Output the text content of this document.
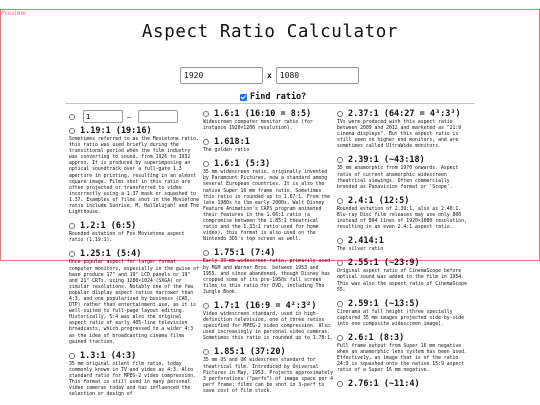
Preview
Aspect Ratio Calculator
1920
x
1080
Find ratio?
1
–
1.19:1 (19:16)
Sometimes referred to as the Movietone ratio, this ratio was used briefly during the transitional period when the film industry was converting to sound, from 1926 to 1932 approx. It is produced by superimposing an optical soundtrack over a full-gate 1.3 aperture in printing, resulting in an almost square image. Films shot in this ratio are often projected or transferred to video incorrectly using a 1.37 mask or squashed to 1.37. Examples of films shot in the Movietone ratio include Sunrise, M, Hallelujah! and The Lighthouse.
1.2:1 (6:5)
Rounded estation of Fox Movietone aspect ratio (1.19:1).
1.25:1 (5:4)
Once-popular aspect for larger format computer monitors, especially in the guise of base produce 17" and 19" LCD panels or 19" and 21" CRTs, using 1280×1024 (SXGA) or similar resolutions. Notably one of the few popular display aspect ratios narrower than 4:3, and one popularized by business (CAD, DTP) rather than entertainment use, as it is well-suited to full-page layout editing. Historically, 5:4 was also the original aspect ratio of early 405-line television broadcasts, which progressed to a wider 4:3 as the idea of broadcasting cinema films gained traction.
1.3:1 (4:3)
35 mm original silent film ratio, today commonly known in TV and video as 4:3. Also standard ratio for MPEG-2 video compression. This format is still used in many personal video cameras today and has influenced the selection or design of
1.6:1 (16:10 = 8:5)
Widescreen computer monitor ratio (for instance 1920×1200 resolution).
1.618:1
The golden ratio
1.6:1 (5:3)
35 mm widescreen ratio, originally invented by Paramount Pictures, now a standard among several European countries. It is also the native Super 16 mm frame ratio. Sometimes this ratio is rounded up to 1.67:1. From the late 1980s to the early 2000s, Walt Disney Feature Animation's CAPS program animated their features in the 1.66:1 ratio (a compromise between the 1.85:1 theatrical ratio and the 1.33:1 ratio used for home video), this format is also used on the Nintendo 3DS's top screen as well.
1.75:1 (7:4)
Early 35 mm widescreen ratio, primarily used by MGM and Warner Bros. between 1953 and 1955, and since abandoned, though Disney has cropped some of its pre-1950s full screen films to this ratio for DVD, including The Jungle Book.
1.7:1 (16:9 = 4²:3²)
Video widescreen standard, used in high-definition television, one of three ratios specified for MPEG-2 video compression. Also used increasingly in personal video cameras. Sometimes this ratio is rounded up to 1.78:1.
1.85:1 (37:20)
35 mm US and UK widescreen standard for theatrical film. Introduced by Universal Pictures in May, 1953. Projects approximately 3 perforations ("perfs") of image space per 4 perf frame; films can be shot in 3-perf to save cost of film stock.
2.37:1 (64:27 = 4³:3³)
TVs were produced with this aspect ratio between 2009 and 2012 and marketed as "21:9 cinema displays". But this aspect ratio is still seen on higher end monitors, and are sometimes called UltraWide monitors.
2.39:1 (~43:18)
35 mm anamorphic from 1970 onwards. Aspect ratio of current anamorphic widescreen theatrical viewings. Often commercially branded as Panavision format or 'Scope'.
2.4:1 (12:5)
Rounded estation of 2.39:1, also as 2.40:1. Blu-ray Disc film releases may use only 800 instead of 804 lines of 1920×1080 resolution, resulting in an even 2.4:1 aspect ratio.
2.414:1
The silver ratio
2.55:1 (~23:9)
Original aspect ratio of CinemaScope before optical sound was added to the film in 1954. This was also the aspect ratio of CinemaScope 55.
2.59:1 (~13:5)
Cinerama at full height (three specially captured 35 mm images projected side-by-side into one composite widescreen image).
2.6:1 (8:3)
Full frame output from Super 16 mm negative when an anamorphic lens system has been used. Effectively, an image that is of the ratio 24:9 is squashed onto the native 15:9 aspect ratio of a Super 16 mm negative.
2.76:1 (~11:4)
